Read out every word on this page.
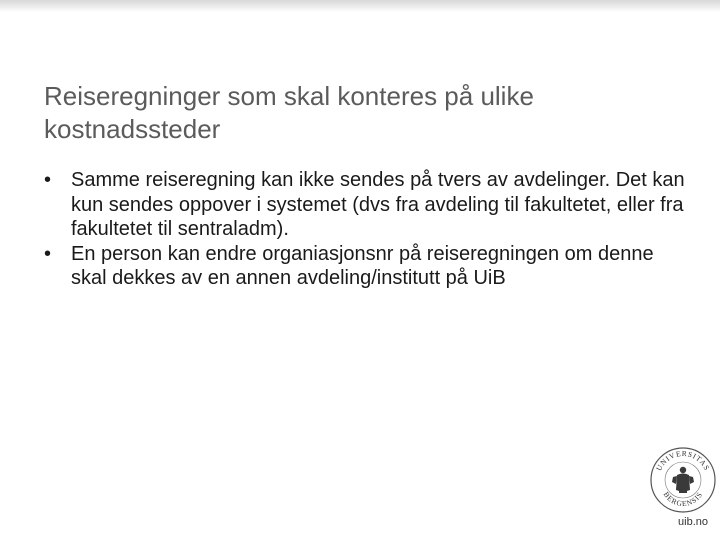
Reiseregninger som skal konteres på ulike kostnadssteder
• Samme reiseregning kan ikke sendes på tvers av avdelinger. Det kan kun sendes oppover i systemet (dvs fra avdeling til fakultetet, eller fra fakultetet til sentraladm).
• En person kan endre organiasjonsnr på reiseregningen om denne skal dekkes av en annen avdeling/institutt på UiB
UNIVERSITAS
BERGENSIS
uib.no
